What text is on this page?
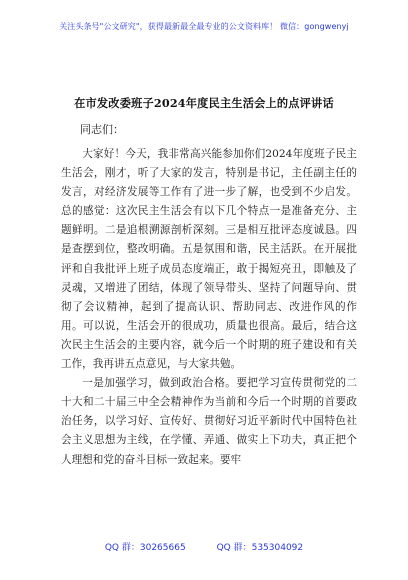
关注头条号"公文研究"，获得最新最全最专业的公文资料库！ 微信：gongwenyj
在市发改委班子2024年度民主生活会上的点评讲话
同志们：

大家好！今天，我非常高兴能参加你们2024年度班子民主生活会，刚才，听了大家的发言，特别是书记，主任副主任的发言，对经济发展等工作有了进一步了解，也受到不少启发。总的感觉：这次民主生活会有以下几个特点一是准备充分、主题鲜明。二是追根溯源剖析深刻。三是相互批评态度诚恳。四是查摆到位，整改明确。五是氛围和谐，民主活跃。在开展批评和自我批评上班子成员态度端正，敢于揭短亮丑，即触及了灵魂，又增进了团结，体现了领导带头、坚持了问题导向、贯彻了会议精神，起到了提高认识、帮助同志、改进作风的作用。可以说，生活会开的很成功，质量也很高。最后，结合这次民主生活会的主要内容，就今后一个时期的班子建设和有关工作，我再讲五点意见，与大家共勉。

一是加强学习，做到政治合格。要把学习宣传贯彻党的二十大和二十届三中全会精神作为当前和今后一个时期的首要政治任务，以学习好、宣传好、贯彻好习近平新时代中国特色社会主义思想为主线，在学懂、弄通、做实上下功夫，真正把个人理想和党的奋斗目标一致起来。要牢

QQ 群：30265665	QQ 群：535304092
